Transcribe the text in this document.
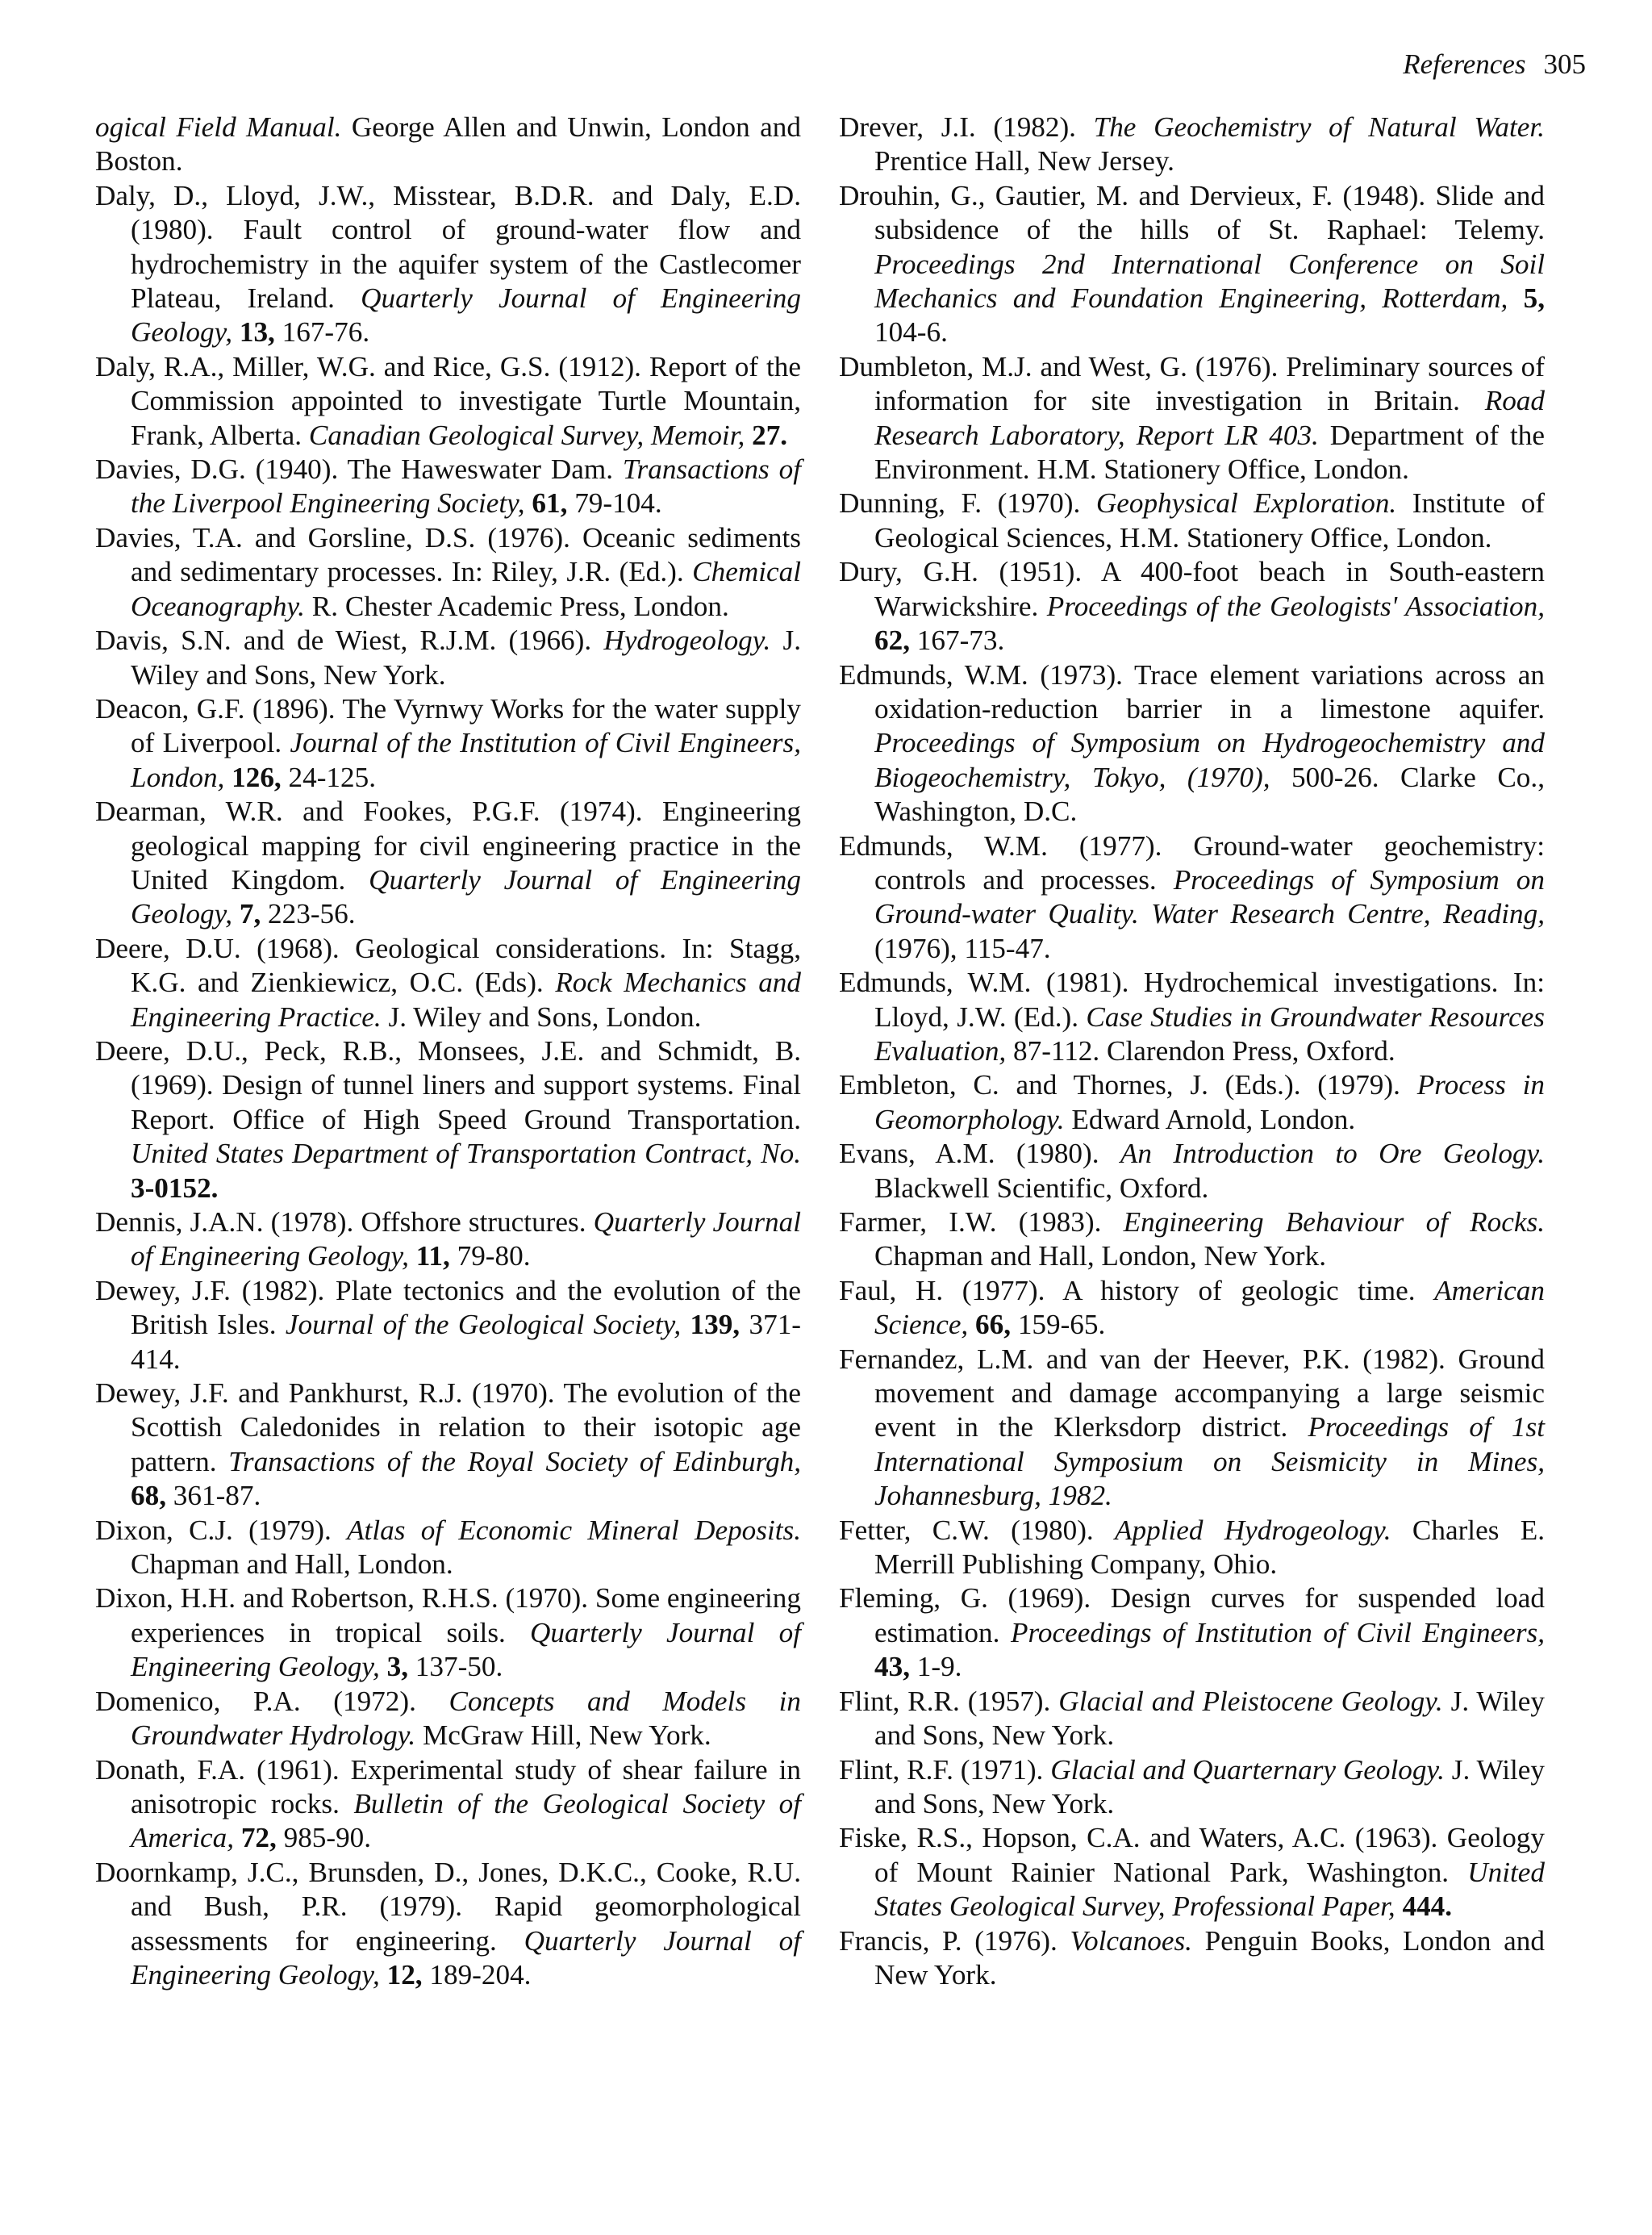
References 305

ogical Field Manual. George Allen and Unwin, London and Boston.

Daly, D., Lloyd, J.W., Misstear, B.D.R. and Daly, E.D. (1980). Fault control of ground-water flow and hydrochemistry in the aquifer system of the Castlecomer Plateau, Ireland. Quarterly Journal of Engineering Geology, 13, 167-76.

Daly, R.A., Miller, W.G. and Rice, G.S. (1912). Report of the Commission appointed to investigate Turtle Mountain, Frank, Alberta. Canadian Geological Survey, Memoir, 27.

Davies, D.G. (1940). The Haweswater Dam. Transactions of the Liverpool Engineering Society, 61, 79-104.

Davies, T.A. and Gorsline, D.S. (1976). Oceanic sediments and sedimentary processes. In: Riley, J.R. (Ed.). Chemical Oceanography. R. Chester Academic Press, London.

Davis, S.N. and de Wiest, R.J.M. (1966). Hydrogeology. J. Wiley and Sons, New York.

Deacon, G.F. (1896). The Vyrnwy Works for the water supply of Liverpool. Journal of the Institution of Civil Engineers, London, 126, 24-125.

Dearman, W.R. and Fookes, P.G.F. (1974). Engineering geological mapping for civil engineering practice in the United Kingdom. Quarterly Journal of Engineering Geology, 7, 223-56.

Deere, D.U. (1968). Geological considerations. In: Stagg, K.G. and Zienkiewicz, O.C. (Eds). Rock Mechanics and Engineering Practice. J. Wiley and Sons, London.

Deere, D.U., Peck, R.B., Monsees, J.E. and Schmidt, B. (1969). Design of tunnel liners and support systems. Final Report. Office of High Speed Ground Transportation. United States Department of Transportation Contract, No. 3-0152.

Dennis, J.A.N. (1978). Offshore structures. Quarterly Journal of Engineering Geology, 11, 79-80.

Dewey, J.F. (1982). Plate tectonics and the evolution of the British Isles. Journal of the Geological Society, 139, 371-414.

Dewey, J.F. and Pankhurst, R.J. (1970). The evolution of the Scottish Caledonides in relation to their isotopic age pattern. Transactions of the Royal Society of Edinburgh, 68, 361-87.

Dixon, C.J. (1979). Atlas of Economic Mineral Deposits. Chapman and Hall, London.

Dixon, H.H. and Robertson, R.H.S. (1970). Some engineering experiences in tropical soils. Quarterly Journal of Engineering Geology, 3, 137-50.

Domenico, P.A. (1972). Concepts and Models in Groundwater Hydrology. McGraw Hill, New York.

Donath, F.A. (1961). Experimental study of shear failure in anisotropic rocks. Bulletin of the Geological Society of America, 72, 985-90.

Doornkamp, J.C., Brunsden, D., Jones, D.K.C., Cooke, R.U. and Bush, P.R. (1979). Rapid geomorphological assessments for engineering. Quarterly Journal of Engineering Geology, 12, 189-204.

Drever, J.I. (1982). The Geochemistry of Natural Water. Prentice Hall, New Jersey.

Drouhin, G., Gautier, M. and Dervieux, F. (1948). Slide and subsidence of the hills of St. Raphael: Telemy. Proceedings 2nd International Conference on Soil Mechanics and Foundation Engineering, Rotterdam, 5, 104-6.

Dumbleton, M.J. and West, G. (1976). Preliminary sources of information for site investigation in Britain. Road Research Laboratory, Report LR 403. Department of the Environment. H.M. Stationery Office, London.

Dunning, F. (1970). Geophysical Exploration. Institute of Geological Sciences, H.M. Stationery Office, London.

Dury, G.H. (1951). A 400-foot beach in South-eastern Warwickshire. Proceedings of the Geologists' Association, 62, 167-73.

Edmunds, W.M. (1973). Trace element variations across an oxidation-reduction barrier in a limestone aquifer. Proceedings of Symposium on Hydrogeochemistry and Biogeochemistry, Tokyo, (1970), 500-26. Clarke Co., Washington, D.C.

Edmunds, W.M. (1977). Ground-water geochemistry: controls and processes. Proceedings of Symposium on Ground-water Quality. Water Research Centre, Reading, (1976), 115-47.

Edmunds, W.M. (1981). Hydrochemical investigations. In: Lloyd, J.W. (Ed.). Case Studies in Groundwater Resources Evaluation, 87-112. Clarendon Press, Oxford.

Embleton, C. and Thornes, J. (Eds.). (1979). Process in Geomorphology. Edward Arnold, London.

Evans, A.M. (1980). An Introduction to Ore Geology. Blackwell Scientific, Oxford.

Farmer, I.W. (1983). Engineering Behaviour of Rocks. Chapman and Hall, London, New York.

Faul, H. (1977). A history of geologic time. American Science, 66, 159-65.

Fernandez, L.M. and van der Heever, P.K. (1982). Ground movement and damage accompanying a large seismic event in the Klerksdorp district. Proceedings of 1st International Symposium on Seismicity in Mines, Johannesburg, 1982.

Fetter, C.W. (1980). Applied Hydrogeology. Charles E. Merrill Publishing Company, Ohio.

Fleming, G. (1969). Design curves for suspended load estimation. Proceedings of Institution of Civil Engineers, 43, 1-9.

Flint, R.R. (1957). Glacial and Pleistocene Geology. J. Wiley and Sons, New York.

Flint, R.F. (1971). Glacial and Quarternary Geology. J. Wiley and Sons, New York.

Fiske, R.S., Hopson, C.A. and Waters, A.C. (1963). Geology of Mount Rainier National Park, Washington. United States Geological Survey, Professional Paper, 444.

Francis, P. (1976). Volcanoes. Penguin Books, London and New York.
